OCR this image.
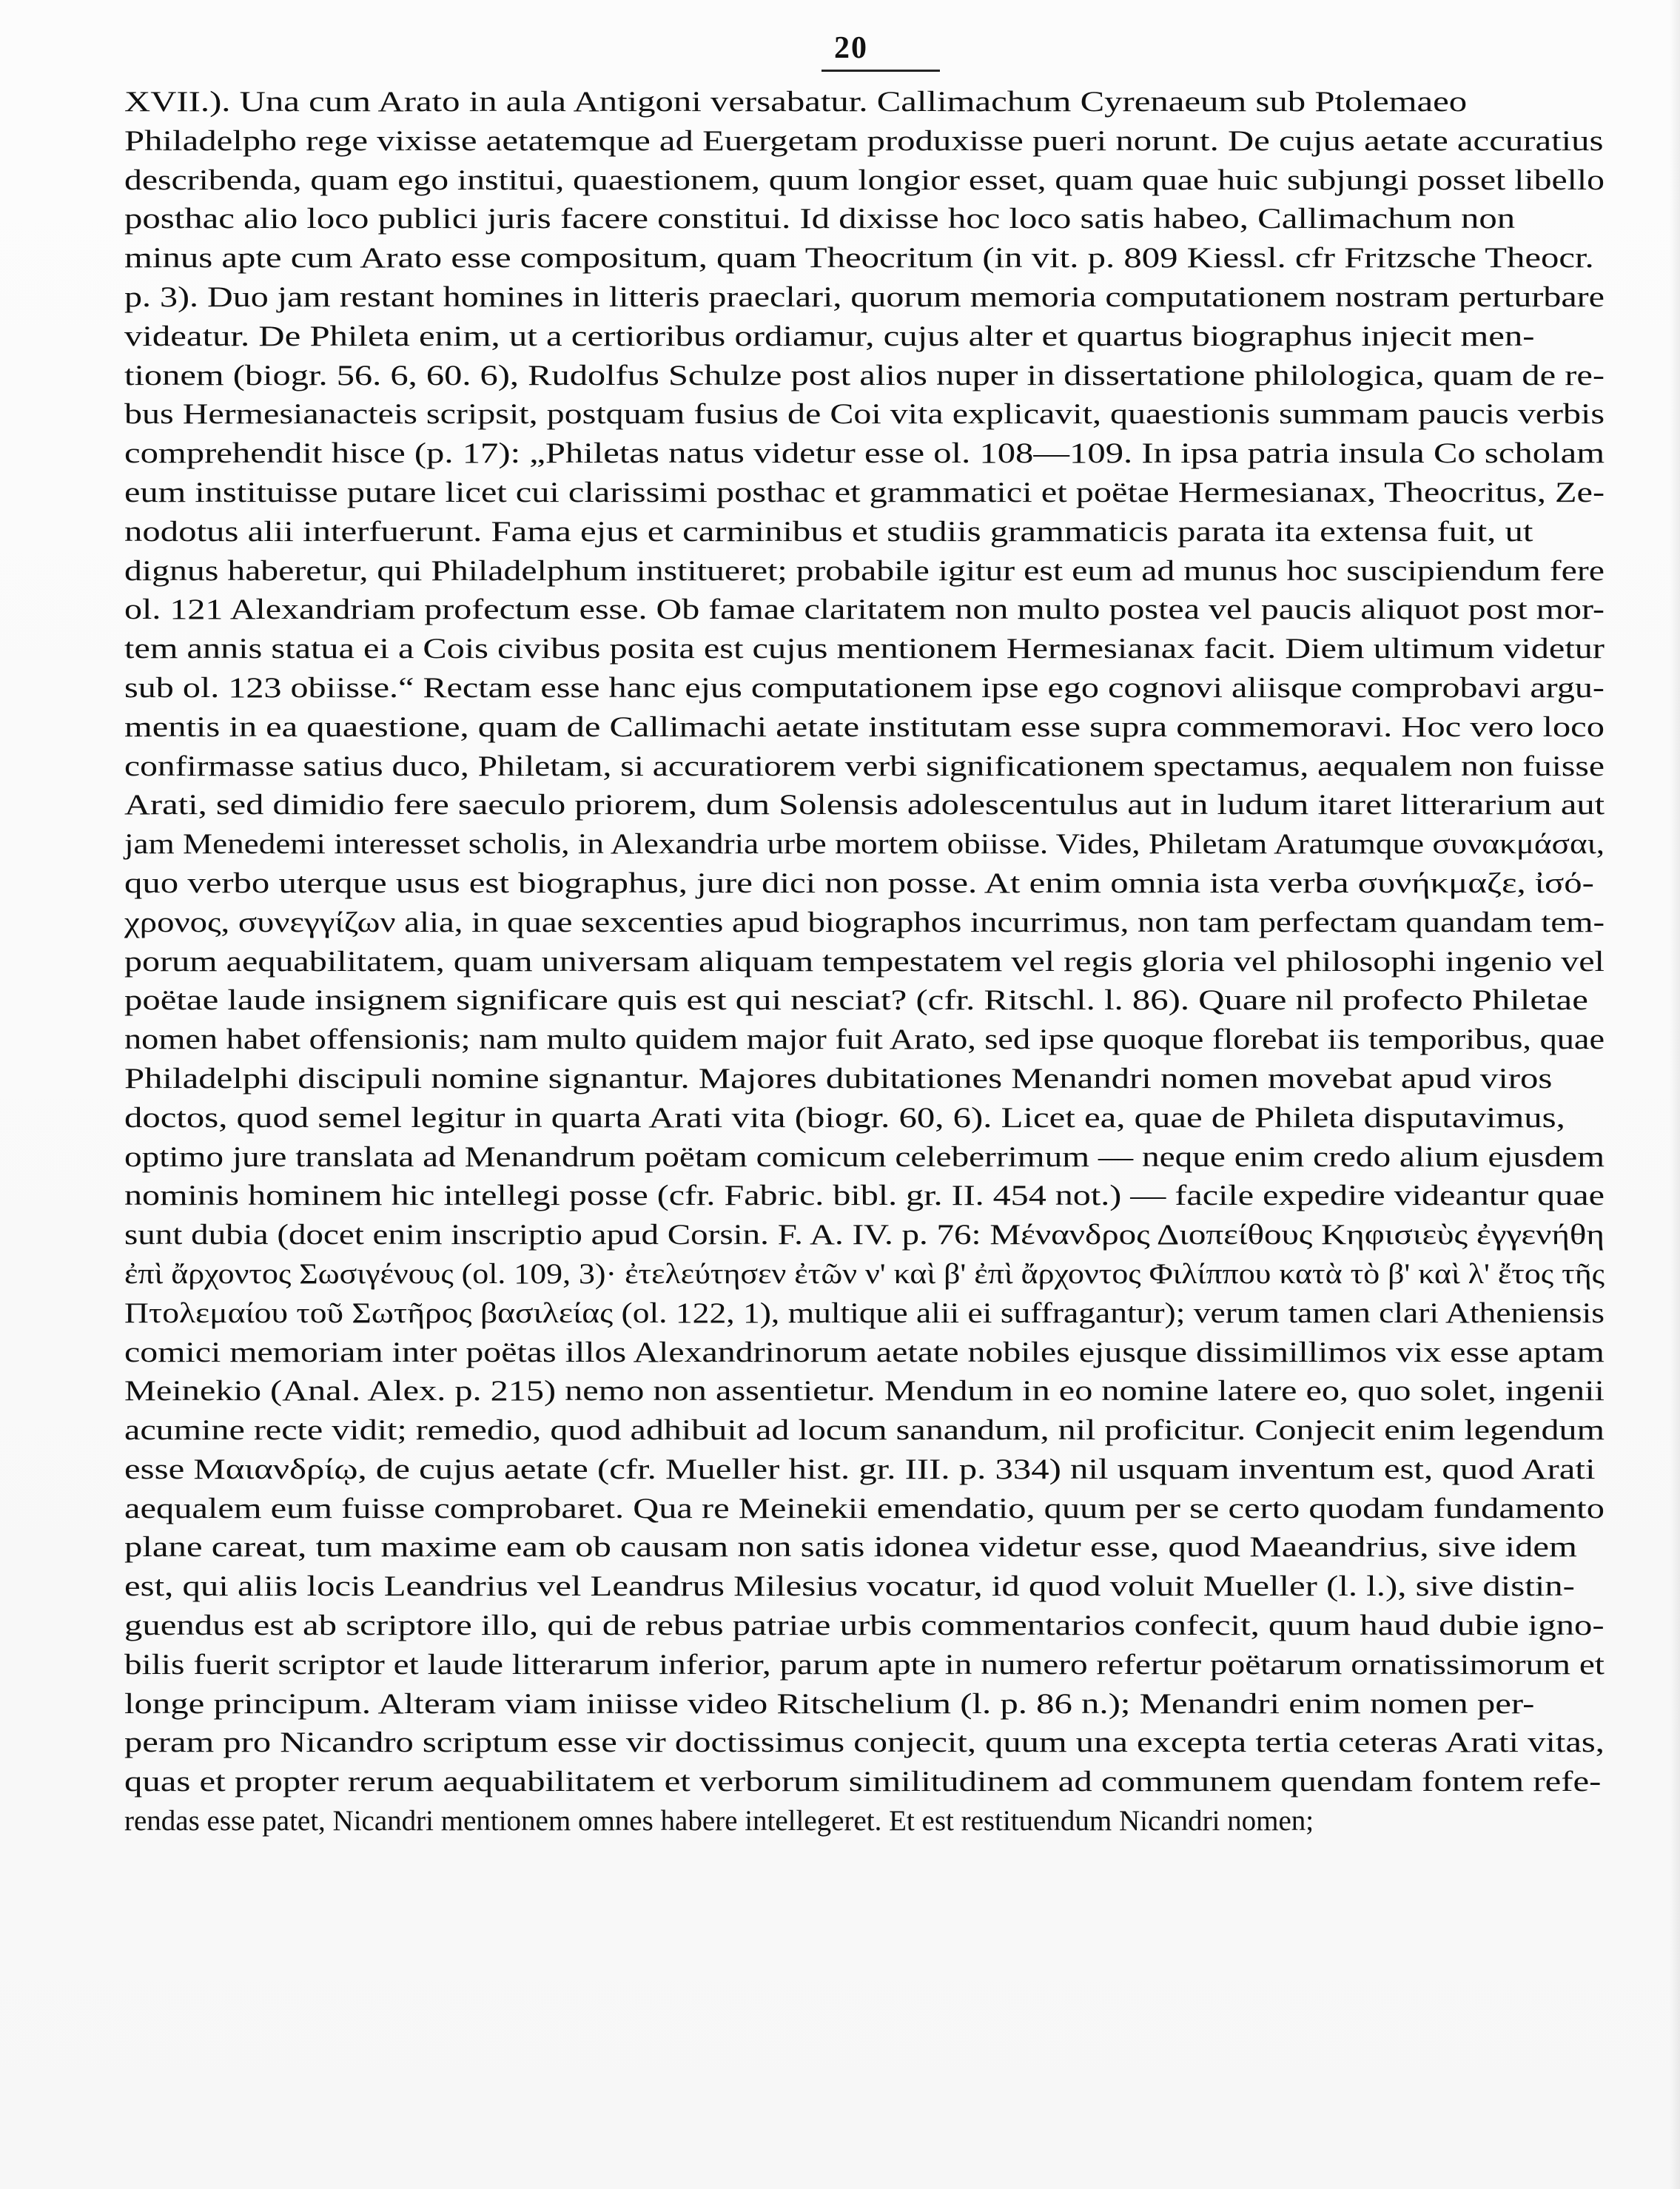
20
XVII.). Una cum Arato in aula Antigoni versabatur. Callimachum Cyrenaeum sub Ptolemaeo
Philadelpho rege vixisse aetatemque ad Euergetam produxisse pueri norunt. De cujus aetate accuratius
describenda, quam ego institui, quaestionem, quum longior esset, quam quae huic subjungi posset libello
posthac alio loco publici juris facere constitui. Id dixisse hoc loco satis habeo, Callimachum non
minus apte cum Arato esse compositum, quam Theocritum (in vit. p. 809 Kiessl. cfr Fritzsche Theocr.
p. 3). Duo jam restant homines in litteris praeclari, quorum memoria computationem nostram perturbare
videatur. De Phileta enim, ut a certioribus ordiamur, cujus alter et quartus biographus injecit men-
tionem (biogr. 56. 6, 60. 6), Rudolfus Schulze post alios nuper in dissertatione philologica, quam de re-
bus Hermesianacteis scripsit, postquam fusius de Coi vita explicavit, quaestionis summam paucis verbis
comprehendit hisce (p. 17): „Philetas natus videtur esse ol. 108—109. In ipsa patria insula Co scholam
eum instituisse putare licet cui clarissimi posthac et grammatici et poëtae Hermesianax, Theocritus, Ze-
nodotus alii interfuerunt. Fama ejus et carminibus et studiis grammaticis parata ita extensa fuit, ut
dignus haberetur, qui Philadelphum institueret; probabile igitur est eum ad munus hoc suscipiendum fere
ol. 121 Alexandriam profectum esse. Ob famae claritatem non multo postea vel paucis aliquot post mor-
tem annis statua ei a Cois civibus posita est cujus mentionem Hermesianax facit. Diem ultimum videtur
sub ol. 123 obiisse.“ Rectam esse hanc ejus computationem ipse ego cognovi aliisque comprobavi argu-
mentis in ea quaestione, quam de Callimachi aetate institutam esse supra commemoravi. Hoc vero loco
confirmasse satius duco, Philetam, si accuratiorem verbi significationem spectamus, aequalem non fuisse
Arati, sed dimidio fere saeculo priorem, dum Solensis adolescentulus aut in ludum itaret litterarium aut
jam Menedemi interesset scholis, in Alexandria urbe mortem obiisse. Vides, Philetam Aratumque συνακμάσαι,
quo verbo uterque usus est biographus, jure dici non posse. At enim omnia ista verba συνήκμαζε, ἰσό-
χρονος, συνεγγίζων alia, in quae sexcenties apud biographos incurrimus, non tam perfectam quandam tem-
porum aequabilitatem, quam universam aliquam tempestatem vel regis gloria vel philosophi ingenio vel
poëtae laude insignem significare quis est qui nesciat? (cfr. Ritschl. l. 86). Quare nil profecto Philetae
nomen habet offensionis; nam multo quidem major fuit Arato, sed ipse quoque florebat iis temporibus, quae
Philadelphi discipuli nomine signantur. Majores dubitationes Menandri nomen movebat apud viros
doctos, quod semel legitur in quarta Arati vita (biogr. 60, 6). Licet ea, quae de Phileta disputavimus,
optimo jure translata ad Menandrum poëtam comicum celeberrimum — neque enim credo alium ejusdem
nominis hominem hic intellegi posse (cfr. Fabric. bibl. gr. II. 454 not.) — facile expedire videantur quae
sunt dubia (docet enim inscriptio apud Corsin. F. A. IV. p. 76: Μένανδρος Διοπείθους Κηφισιεὺς ἐγγενήθη
ἐπὶ ἄρχοντος Σωσιγένους (ol. 109, 3)· ἐτελεύτησεν ἐτῶν ν' καὶ β' ἐπὶ ἄρχοντος Φιλίππου κατὰ τὸ β' καὶ λ' ἔτος τῆς
Πτολεμαίου τοῦ Σωτῆρος βασιλείας (ol. 122, 1), multique alii ei suffragantur); verum tamen clari Atheniensis
comici memoriam inter poëtas illos Alexandrinorum aetate nobiles ejusque dissimillimos vix esse aptam
Meinekio (Anal. Alex. p. 215) nemo non assentietur. Mendum in eo nomine latere eo, quo solet, ingenii
acumine recte vidit; remedio, quod adhibuit ad locum sanandum, nil proficitur. Conjecit enim legendum
esse Μαιανδρίῳ, de cujus aetate (cfr. Mueller hist. gr. III. p. 334) nil usquam inventum est, quod Arati
aequalem eum fuisse comprobaret. Qua re Meinekii emendatio, quum per se certo quodam fundamento
plane careat, tum maxime eam ob causam non satis idonea videtur esse, quod Maeandrius, sive idem
est, qui aliis locis Leandrius vel Leandrus Milesius vocatur, id quod voluit Mueller (l. l.), sive distin-
guendus est ab scriptore illo, qui de rebus patriae urbis commentarios confecit, quum haud dubie igno-
bilis fuerit scriptor et laude litterarum inferior, parum apte in numero refertur poëtarum ornatissimorum et
longe principum. Alteram viam iniisse video Ritschelium (l. p. 86 n.); Menandri enim nomen per-
peram pro Nicandro scriptum esse vir doctissimus conjecit, quum una excepta tertia ceteras Arati vitas,
quas et propter rerum aequabilitatem et verborum similitudinem ad communem quendam fontem refe-
rendas esse patet, Nicandri mentionem omnes habere intellegeret. Et est restituendum Nicandri nomen;
